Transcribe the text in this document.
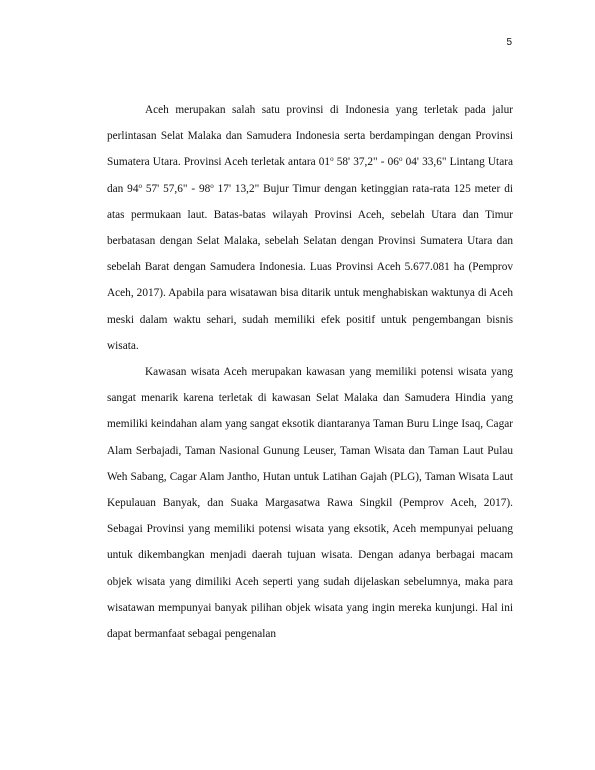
5

Aceh merupakan salah satu provinsi di Indonesia yang terletak pada jalur perlintasan Selat Malaka dan Samudera Indonesia serta berdampingan dengan Provinsi Sumatera Utara. Provinsi Aceh terletak antara 01$^o$ 58' 37,2" - 06$^o$ 04' 33,6" Lintang Utara dan 94$^o$ 57' 57,6" - 98$^o$ 17' 13,2" Bujur Timur dengan ketinggian rata-rata 125 meter di atas permukaan laut. Batas-batas wilayah Provinsi Aceh, sebelah Utara dan Timur berbatasan dengan Selat Malaka, sebelah Selatan dengan Provinsi Sumatera Utara dan sebelah Barat dengan Samudera Indonesia. Luas Provinsi Aceh 5.677.081 ha (Pemprov Aceh, 2017). Apabila para wisatawan bisa ditarik untuk menghabiskan waktunya di Aceh meski dalam waktu sehari, sudah memiliki efek positif untuk pengembangan bisnis wisata.

Kawasan wisata Aceh merupakan kawasan yang memiliki potensi wisata yang sangat menarik karena terletak di kawasan Selat Malaka dan Samudera Hindia yang memiliki keindahan alam yang sangat eksotik diantaranya Taman Buru Linge Isaq, Cagar Alam Serbajadi, Taman Nasional Gunung Leuser, Taman Wisata dan Taman Laut Pulau Weh Sabang, Cagar Alam Jantho, Hutan untuk Latihan Gajah (PLG), Taman Wisata Laut Kepulauan Banyak, dan Suaka Margasatwa Rawa Singkil (Pemprov Aceh, 2017). Sebagai Provinsi yang memiliki potensi wisata yang eksotik, Aceh mempunyai peluang untuk dikembangkan menjadi daerah tujuan wisata. Dengan adanya berbagai macam objek wisata yang dimiliki Aceh seperti yang sudah dijelaskan sebelumnya, maka para wisatawan mempunyai banyak pilihan objek wisata yang ingin mereka kunjungi. Hal ini dapat bermanfaat sebagai pengenalan
